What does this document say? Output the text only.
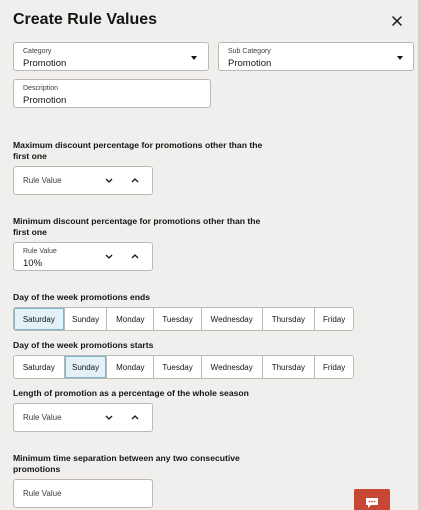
Create Rule Values
Category
Promotion
Sub Category
Promotion
Description
Promotion

Maximum discount percentage for promotions other than the first one

Rule Value

Minimum discount percentage for promotions other than the first one

Rule Value
10%

Day of the week promotions ends

Saturday	Sunday	Monday	Tuesday	Wednesday	Thursday	Friday

Day of the week promotions starts

Saturday	Sunday	Monday	Tuesday	Wednesday	Thursday	Friday

Length of promotion as a percentage of the whole season

Rule Value

Minimum time separation between any two consecutive promotions

Rule Value
